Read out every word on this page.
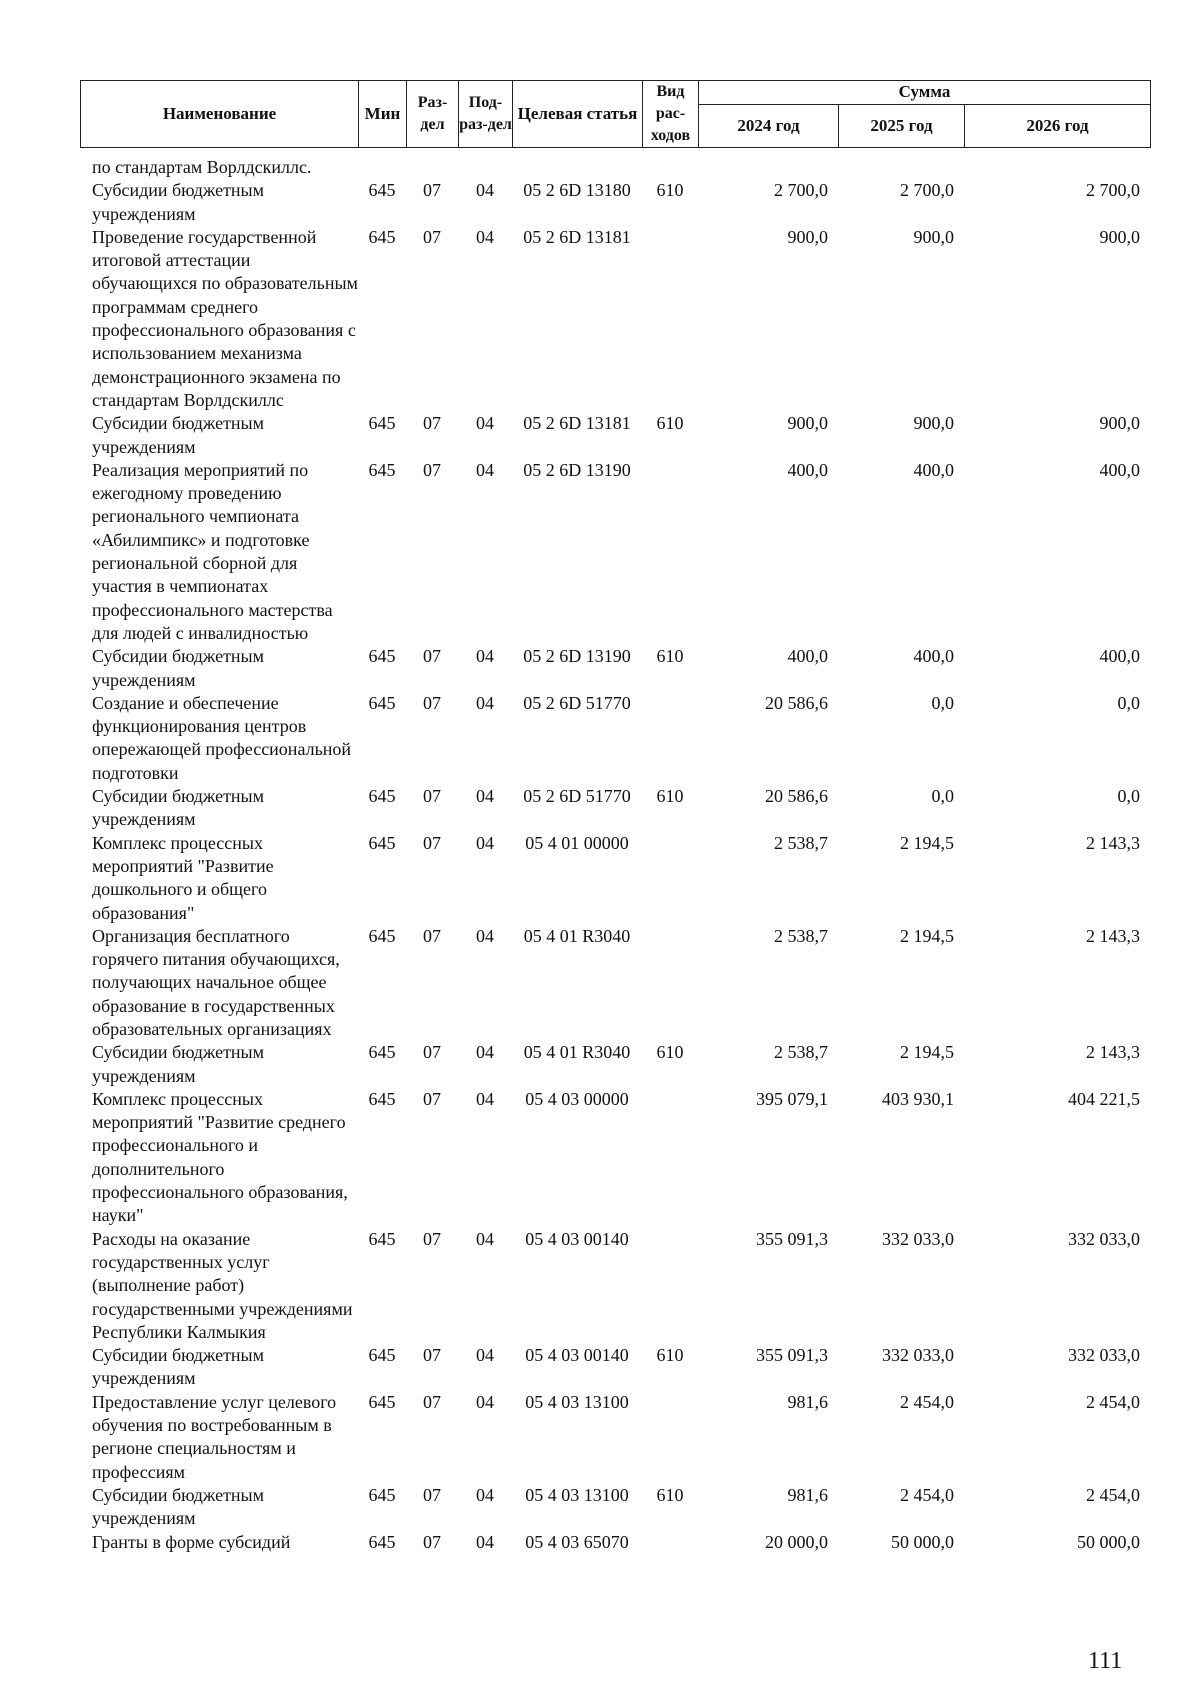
Наименование	Мин	Раз-дел	Под-раз-дел	Целевая статья	Вид рас-ходов	Сумма		
						2024 год	2025 год	2026 год
по стандартам Ворлдскиллс.								
Субсидии бюджетным учреждениям	645	07	04	05 2 6D 13180	610	2 700,0	2 700,0	2 700,0
Проведение государственной итоговой аттестации обучающихся по образовательным программам среднего профессионального образования с использованием механизма демонстрационного экзамена по стандартам Ворлдскиллс	645	07	04	05 2 6D 13181		900,0	900,0	900,0
Субсидии бюджетным учреждениям	645	07	04	05 2 6D 13181	610	900,0	900,0	900,0
Реализация мероприятий по ежегодному проведению регионального чемпионата «Абилимпикс» и подготовке региональной сборной для участия в чемпионатах профессионального мастерства для людей с инвалидностью	645	07	04	05 2 6D 13190		400,0	400,0	400,0
Субсидии бюджетным учреждениям	645	07	04	05 2 6D 13190	610	400,0	400,0	400,0
Создание и обеспечение функционирования центров опережающей профессиональной подготовки	645	07	04	05 2 6D 51770		20 586,6	0,0	0,0
Субсидии бюджетным учреждениям	645	07	04	05 2 6D 51770	610	20 586,6	0,0	0,0
Комплекс процессных мероприятий "Развитие дошкольного и общего образования"	645	07	04	05 4 01 00000		2 538,7	2 194,5	2 143,3
Организация бесплатного горячего питания обучающихся, получающих начальное общее образование в государственных образовательных организациях	645	07	04	05 4 01 R3040		2 538,7	2 194,5	2 143,3
Субсидии бюджетным учреждениям	645	07	04	05 4 01 R3040	610	2 538,7	2 194,5	2 143,3
Комплекс процессных мероприятий "Развитие среднего профессионального и дополнительного профессионального образования, науки"	645	07	04	05 4 03 00000		395 079,1	403 930,1	404 221,5
Расходы на оказание государственных услуг (выполнение работ) государственными учреждениями Республики Калмыкия	645	07	04	05 4 03 00140		355 091,3	332 033,0	332 033,0
Субсидии бюджетным учреждениям	645	07	04	05 4 03 00140	610	355 091,3	332 033,0	332 033,0
Предоставление услуг целевого обучения по востребованным в регионе специальностям и профессиям	645	07	04	05 4 03 13100		981,6	2 454,0	2 454,0
Субсидии бюджетным учреждениям	645	07	04	05 4 03 13100	610	981,6	2 454,0	2 454,0
Гранты в форме субсидий	645	07	04	05 4 03 65070		20 000,0	50 000,0	50 000,0
111
